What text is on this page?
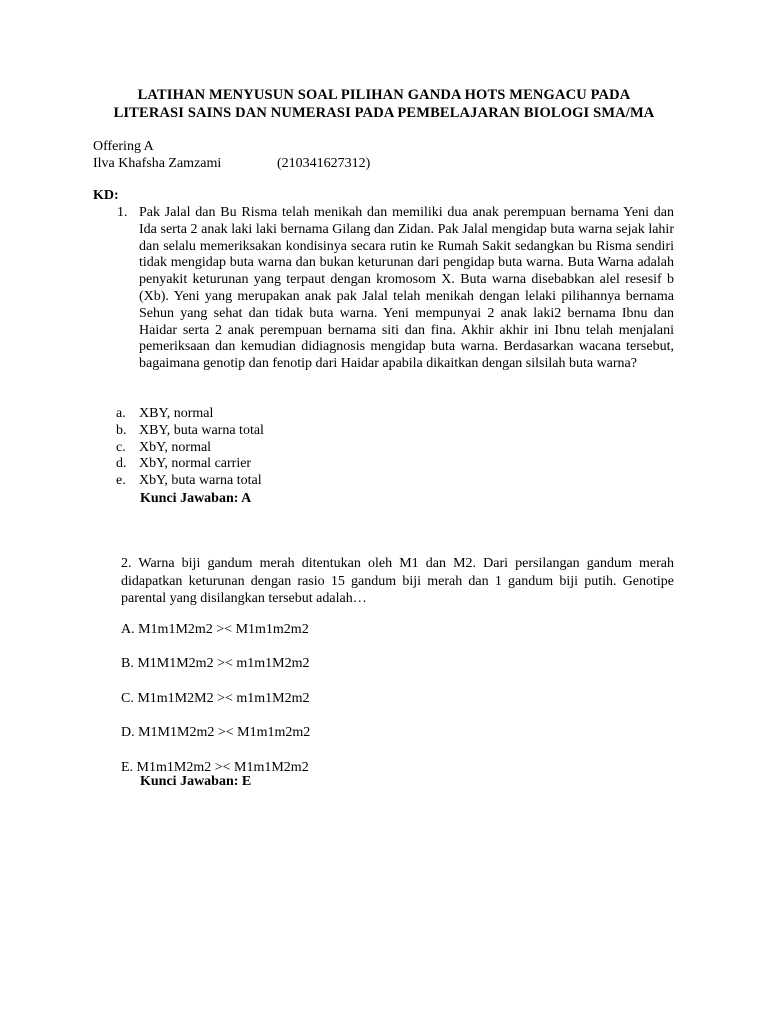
LATIHAN MENYUSUN SOAL PILIHAN GANDA HOTS MENGACU PADA
LITERASI SAINS DAN NUMERASI PADA PEMBELAJARAN BIOLOGI SMA/MA
Offering A
Ilva Khafsha Zamzami	(210341627312)
KD:
1. Pak Jalal dan Bu Risma telah menikah dan memiliki dua anak perempuan bernama Yeni dan Ida serta 2 anak laki laki bernama Gilang dan Zidan. Pak Jalal mengidap buta warna sejak lahir dan selalu memeriksakan kondisinya secara rutin ke Rumah Sakit sedangkan bu Risma sendiri tidak mengidap buta warna dan bukan keturunan dari pengidap buta warna. Buta Warna adalah penyakit keturunan yang terpaut dengan kromosom X. Buta warna disebabkan alel resesif b (Xb). Yeni yang merupakan anak pak Jalal telah menikah dengan lelaki pilihannya bernama Sehun yang sehat dan tidak buta warna. Yeni mempunyai 2 anak laki2 bernama Ibnu dan Haidar serta 2 anak perempuan bernama siti dan fina. Akhir akhir ini Ibnu telah menjalani pemeriksaan dan kemudian didiagnosis mengidap buta warna. Berdasarkan wacana tersebut, bagaimana genotip dan fenotip dari Haidar apabila dikaitkan dengan silsilah buta warna?
a. XBY, normal
b. XBY, buta warna total
c. XbY, normal
d. XbY, normal carrier
e. XbY, buta warna total
Kunci Jawaban: A
2. Warna biji gandum merah ditentukan oleh M1 dan M2. Dari persilangan gandum merah didapatkan keturunan dengan rasio 15 gandum biji merah dan 1 gandum biji putih. Genotipe parental yang disilangkan tersebut adalah…
A. M1m1M2m2 >< M1m1m2m2
B. M1M1M2m2 >< m1m1M2m2
C. M1m1M2M2 >< m1m1M2m2
D. M1M1M2m2 >< M1m1m2m2
E. M1m1M2m2 >< M1m1M2m2
Kunci Jawaban: E
